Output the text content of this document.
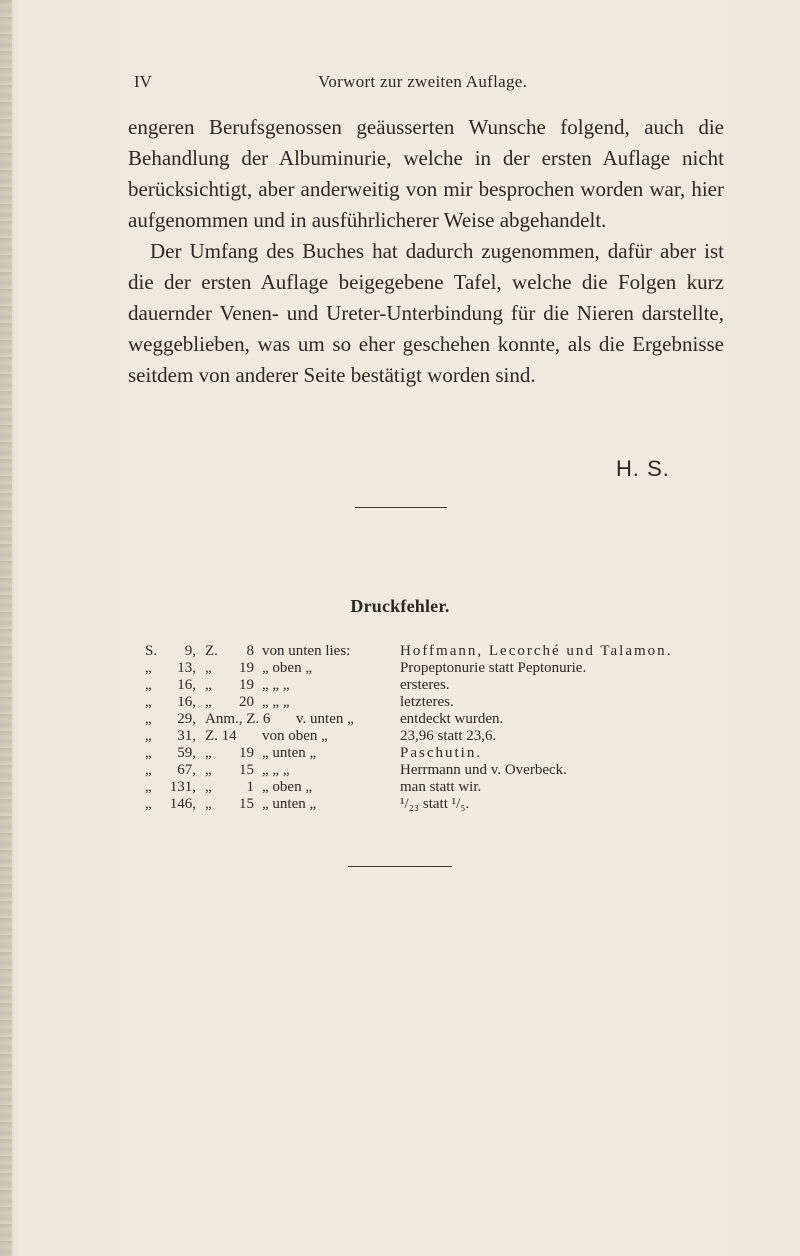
IV	Vorwort zur zweiten Auflage.

engeren Berufsgenossen geäusserten Wunsche folgend, auch die Behandlung der Albuminurie, welche in der ersten Auflage nicht berücksichtigt, aber anderweitig von mir besprochen worden war, hier aufgenommen und in ausführlicherer Weise abgehandelt.

Der Umfang des Buches hat dadurch zugenommen, dafür aber ist die der ersten Auflage beigegebene Tafel, welche die Folgen kurz dauernder Venen- und Ureter-Unterbindung für die Nieren darstellte, weggeblieben, was um so eher geschehen konnte, als die Ergebnisse seitdem von anderer Seite bestätigt worden sind.

H. S.
Druckfehler.
S.	9, Z.	8 von unten lies:	Hoffmann, Lecorché und Talamon.
„	13, „	19 „ oben „	Propeptonurie statt Peptonurie.
„	16, „	19 „ „ „	ersteres.
„	16, „	20 „ „ „	letzteres.
„	29, Anm., Z. 6 v. unten „	entdeckt wurden.
„	31, Z. 14 von oben „	23,96 statt 23,6.
„	59, „	19 „ unten „	Paschutin.
„	67, „	15 „ „ „	Herrmann und v. Overbeck.
„	131, „	1 „ oben „	man statt wir.
„	146, „	15 „ unten „	¹/₂₃ statt ¹/₅.
